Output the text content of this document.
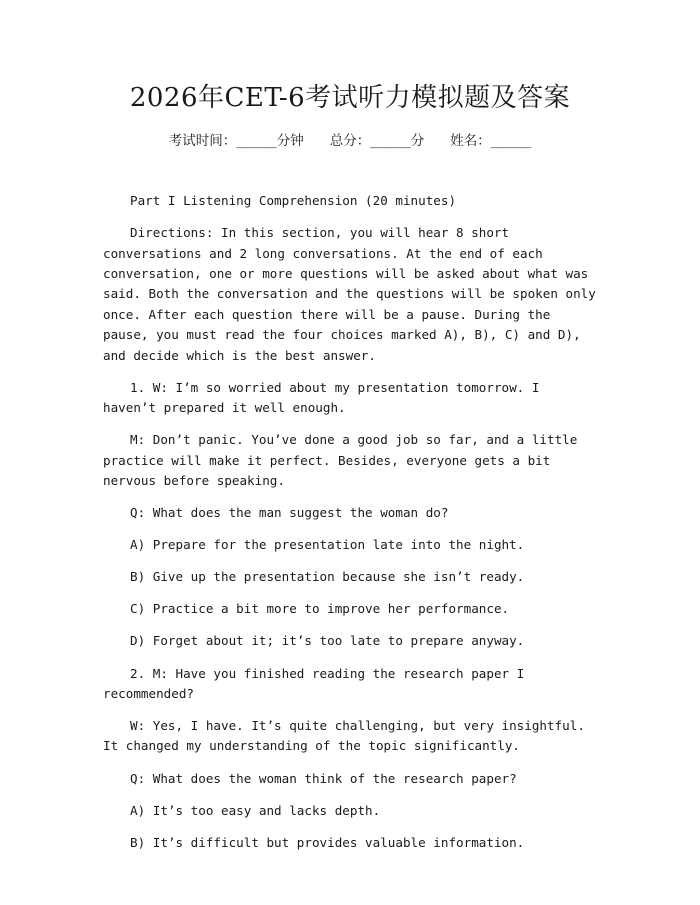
2026年CET-6考试听力模拟题及答案
考试时间：______分钟 总分：______分 姓名：______

Part I Listening Comprehension (20 minutes)

Directions: In this section, you will hear 8 short conversations and 2 long conversations. At the end of each conversation, one or more questions will be asked about what was said. Both the conversation and the questions will be spoken only once. After each question there will be a pause. During the pause, you must read the four choices marked A), B), C) and D), and decide which is the best answer.

1. W: I’m so worried about my presentation tomorrow. I haven’t prepared it well enough.

M: Don’t panic. You’ve done a good job so far, and a little practice will make it perfect. Besides, everyone gets a bit nervous before speaking.

Q: What does the man suggest the woman do?

A) Prepare for the presentation late into the night.

B) Give up the presentation because she isn’t ready.

C) Practice a bit more to improve her performance.

D) Forget about it; it’s too late to prepare anyway.

2. M: Have you finished reading the research paper I recommended?

W: Yes, I have. It’s quite challenging, but very insightful. It changed my understanding of the topic significantly.

Q: What does the woman think of the research paper?

A) It’s too easy and lacks depth.

B) It’s difficult but provides valuable information.
